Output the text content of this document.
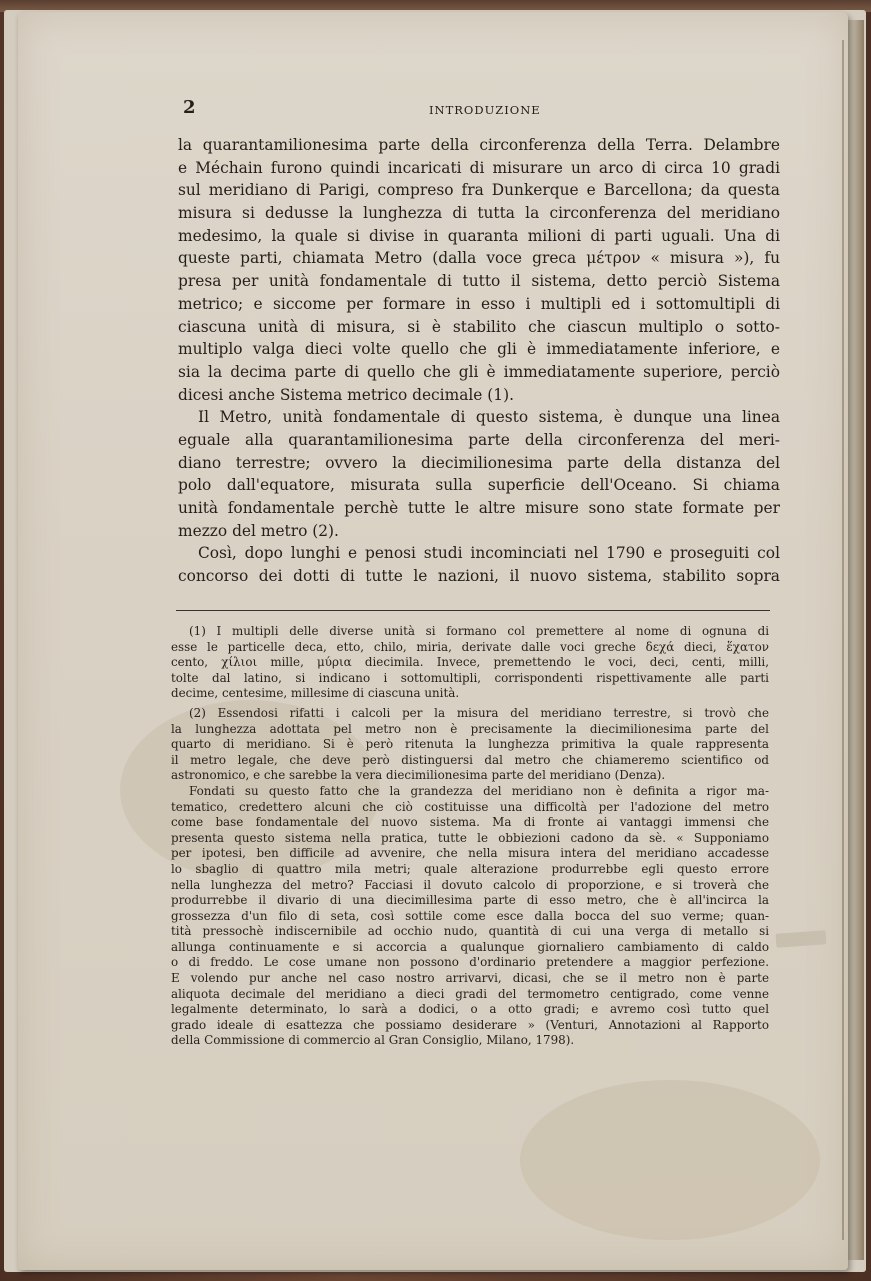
2	INTRODUZIONE
la quarantamilionesima parte della circonferenza della Terra. Delambre
e Méchain furono quindi incaricati di misurare un arco di circa 10 gradi
sul meridiano di Parigi, compreso fra Dunkerque e Barcellona; da questa
misura si dedusse la lunghezza di tutta la circonferenza del meridiano
medesimo, la quale si divise in quaranta milioni di parti uguali. Una di
queste parti, chiamata Metro (dalla voce greca μέτρον « misura »), fu
presa per unità fondamentale di tutto il sistema, detto perciò Sistema
metrico; e siccome per formare in esso i multipli ed i sottomultipli di
ciascuna unità di misura, si è stabilito che ciascun multiplo o sotto-
multiplo valga dieci volte quello che gli è immediatamente inferiore, e
sia la decima parte di quello che gli è immediatamente superiore, perciò
dicesi anche Sistema metrico decimale (1).
Il Metro, unità fondamentale di questo sistema, è dunque una linea
eguale alla quarantamilionesima parte della circonferenza del meri-
diano terrestre; ovvero la diecimilionesima parte della distanza del
polo dall'equatore, misurata sulla superficie dell'Oceano. Si chiama
unità fondamentale perchè tutte le altre misure sono state formate per
mezzo del metro (2).
Così, dopo lunghi e penosi studi incominciati nel 1790 e proseguiti col
concorso dei dotti di tutte le nazioni, il nuovo sistema, stabilito sopra
(1) I multipli delle diverse unità si formano col premettere al nome di ognuna di
esse le particelle deca, etto, chilo, miria, derivate dalle voci greche δεχά dieci, ἕχατον
cento, χίλιοι mille, μύρια diecimila. Invece, premettendo le voci, deci, centi, milli,
tolte dal latino, si indicano i sottomultipli, corrispondenti rispettivamente alle parti
decime, centesime, millesime di ciascuna unità.
(2) Essendosi rifatti i calcoli per la misura del meridiano terrestre, si trovò che
la lunghezza adottata pel metro non è precisamente la diecimilionesima parte del
quarto di meridiano. Si è però ritenuta la lunghezza primitiva la quale rappresenta
il metro legale, che deve però distinguersi dal metro che chiameremo scientifico od
astronomico, e che sarebbe la vera diecimilionesima parte del meridiano (Denza).
Fondati su questo fatto che la grandezza del meridiano non è definita a rigor ma-
tematico, credettero alcuni che ciò costituisse una difficoltà per l'adozione del metro
come base fondamentale del nuovo sistema. Ma di fronte ai vantaggi immensi che
presenta questo sistema nella pratica, tutte le obbiezioni cadono da sè. « Supponiamo
per ipotesi, ben difficile ad avvenire, che nella misura intera del meridiano accadesse
lo sbaglio di quattro mila metri; quale alterazione produrrebbe egli questo errore
nella lunghezza del metro? Facciasi il dovuto calcolo di proporzione, e si troverà che
produrrebbe il divario di una diecimillesima parte di esso metro, che è all'incirca la
grossezza d'un filo di seta, così sottile come esce dalla bocca del suo verme; quan-
tità pressochè indiscernibile ad occhio nudo, quantità di cui una verga di metallo si
allunga continuamente e si accorcia a qualunque giornaliero cambiamento di caldo
o di freddo. Le cose umane non possono d'ordinario pretendere a maggior perfezione.
E volendo pur anche nel caso nostro arrivarvi, dicasi, che se il metro non è parte
aliquota decimale del meridiano a dieci gradi del termometro centigrado, come venne
legalmente determinato, lo sarà a dodici, o a otto gradi; e avremo così tutto quel
grado ideale di esattezza che possiamo desiderare » (Venturi, Annotazioni al Rapporto
della Commissione di commercio al Gran Consiglio, Milano, 1798).
